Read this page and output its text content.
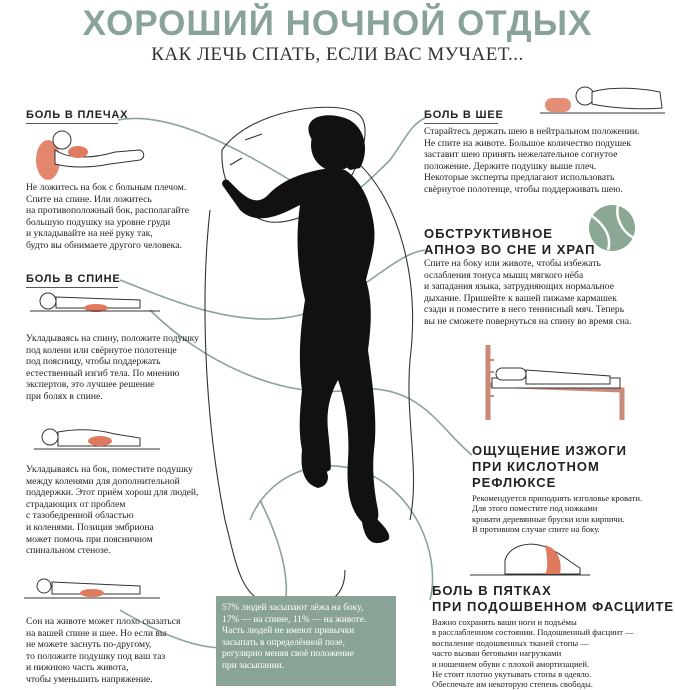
ХОРОШИЙ НОЧНОЙ ОТДЫХ
КАК ЛЕЧЬ СПАТЬ, ЕСЛИ ВАС МУЧАЕТ...
БОЛЬ В ПЛЕЧАХ
Не ложитесь на бок с больным плечом.
Спите на спине. Или ложитесь
на противоположный бок, располагайте
большую подушку на уровне груди
и укладывайте на неё руку так,
будто вы обнимаете другого человека.
БОЛЬ В ШЕЕ
Старайтесь держать шею в нейтральном положении.
Не спите на животе. Большое количество подушек
заставит шею принять нежелательное согнутое
положение. Держите подушку выше плеч.
Некоторые эксперты предлагают использовать
свёрнутое полотенце, чтобы поддерживать шею.
БОЛЬ В СПИНЕ
Укладываясь на спину, положите подушку
под колени или свёрнутое полотенце
под поясницу, чтобы поддержать
естественный изгиб тела. По мнению
экспертов, это лучшее решение
при болях в спине.
Укладываясь на бок, поместите подушку
между коленями для дополнительной
поддержки. Этот приём хорош для людей,
страдающих от проблем
с тазобедренной областью
и коленями. Позиция эмбриона
может помочь при поясничном
спинальном стенозе.
Сон на животе может плохо сказаться
на вашей спине и шее. Но если вы
не можете заснуть по-другому,
то положите подушку под ваш таз
и нижнюю часть живота,
чтобы уменьшить напряжение.
ОБСТРУКТИВНОЕ
АПНОЭ ВО СНЕ И ХРАП
Спите на боку или животе, чтобы избежать
ослабления тонуса мышц мягкого нёба
и западания языка, затрудняющих нормальное
дыхание. Пришейте к вашей пижаме кармашек
сзади и поместите в него теннисный мяч. Теперь
вы не сможете повернуться на спину во время сна.
ОЩУЩЕНИЕ ИЗЖОГИ
ПРИ КИСЛОТНОМ
РЕФЛЮКСЕ
Рекомендуется приподнять изголовье кровати.
Для этого поместите под ножками
кровати деревянные бруски или кирпичи.
В противном случае спите на боку.
БОЛЬ В ПЯТКАХ
ПРИ ПОДОШВЕННОМ ФАСЦИИТЕ
Важно сохранять ваши ноги и подъёмы
в расслабленном состоянии. Подошвенный фасциит —
воспаление подошвенных тканей стопы —
часто вызван беговыми нагрузками
и ношением обуви с плохой амортизацией.
Не стоит плотно укутывать стопы в одеяло.
Обеспечьте им некоторую степень свободы.
57% людей засыпают лёжа на боку,
17% — на спине, 11% — на животе.
Часть людей не имеют привычки
засыпать в определённой позе,
регулярно меняя своё положение
при засыпании.
